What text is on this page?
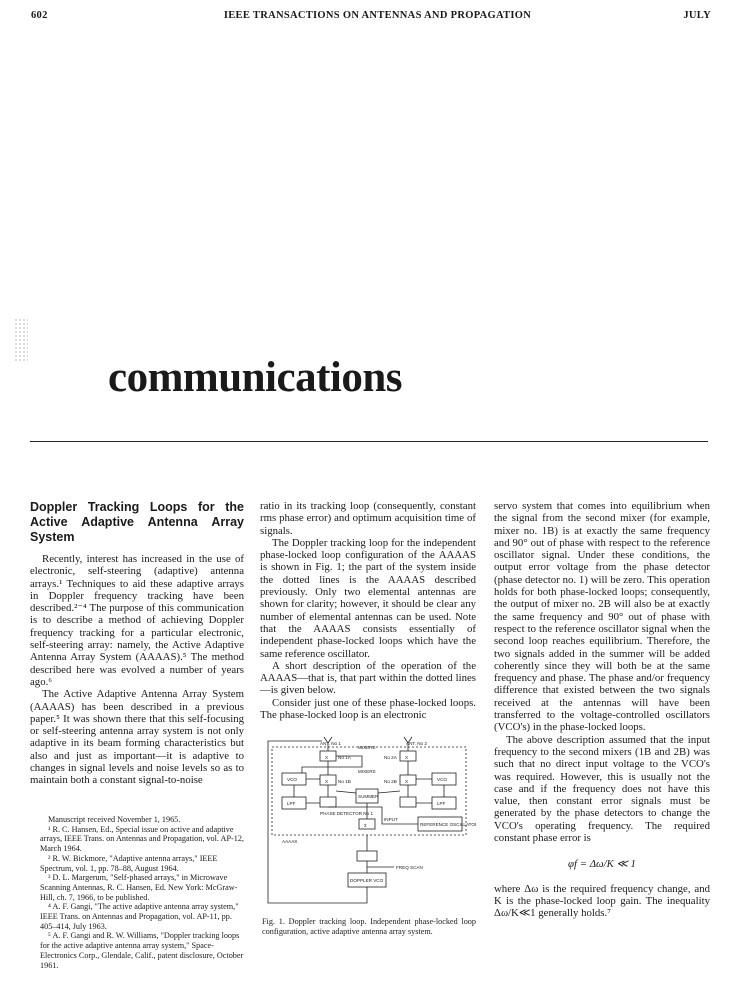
602	IEEE TRANSACTIONS ON ANTENNAS AND PROPAGATION	JULY
communications
Doppler Tracking Loops for the Active Adaptive Antenna Array System

Recently, interest has increased in the use of electronic, self-steering (adaptive) antenna arrays.¹ Techniques to aid these adaptive arrays in Doppler frequency tracking have been described.²⁻⁴ The purpose of this communication is to describe a method of achieving Doppler frequency tracking for a particular electronic, self-steering array: namely, the Active Adaptive Antenna Array System (AAAAS).⁵ The method described here was evolved a number of years ago.⁶

The Active Adaptive Antenna Array System (AAAAS) has been described in a previous paper.⁵ It was shown there that this self-focusing or self-steering antenna array system is not only adaptive in its beam forming characteristics but also and just as important—it is adaptive to changes in signal levels and noise levels so as to maintain both a constant signal-to-noise

Manuscript received November 1, 1965.

¹ R. C. Hansen, Ed., Special issue on active and adaptive arrays, IEEE Trans. on Antennas and Propagation, vol. AP-12, March 1964.

² R. W. Bickmore, "Adaptive antenna arrays," IEEE Spectrum, vol. 1, pp. 78–88, August 1964.

³ D. L. Margerum, "Self-phased arrays," in Microwave Scanning Antennas, R. C. Hansen, Ed. New York: McGraw-Hill, ch. 7, 1966, to be published.

⁴ A. F. Gangi, "The active adaptive antenna array system," IEEE Trans. on Antennas and Propagation, vol. AP-11, pp. 405–414, July 1963.

⁵ A. F. Gangi and R. W. Williams, "Doppler tracking loops for the active adaptive antenna array system," Space-Electronics Corp., Glendale, Calif., patent disclosure, October 1961.

ratio in its tracking loop (consequently, constant rms phase error) and optimum acquisition time of signals.

The Doppler tracking loop for the independent phase-locked loop configuration of the AAAAS is shown in Fig. 1; the part of the system inside the dotted lines is the AAAAS described previously. Only two elemental antennas are shown for clarity; however, it should be clear any number of elemental antennas can be used. Note that the AAAAS consists essentially of independent phase-locked loops which have the same reference oscillator.

A short description of the operation of the AAAAS—that is, that part within the dotted lines—is given below.

Consider just one of these phase-locked loops. The phase-locked loop is an electronic

ANT. No 1	ANT. No 2
MIXERS
No 1A	No 2A
MIXERS
No 1B	No 2B
VCO	VCO
LPF	LPF
X	X
X	X
PHASE DETECTOR No 1
SUMMER
REFERENCE OSCILLATOR
INPUT
AAAAS
Σ
FREQ SCAN
DOPPLER VCO
Fig. 1. Doppler tracking loop. Independent phase-locked loop configuration, active adaptive antenna array system.

servo system that comes into equilibrium when the signal from the second mixer (for example, mixer no. 1B) is at exactly the same frequency and 90° out of phase with respect to the reference oscillator signal. Under these conditions, the output error voltage from the phase detector (phase detector no. 1) will be zero. This operation holds for both phase-locked loops; consequently, the output of mixer no. 2B will also be at exactly the same frequency and 90° out of phase with respect to the reference oscillator signal when the second loop reaches equilibrium. Therefore, the two signals added in the summer will be added coherently since they will both be at the same frequency and phase. The phase and/or frequency difference that existed between the two signals received at the antennas will have been transferred to the voltage-controlled oscillators (VCO's) in the phase-locked loops.

The above description assumed that the input frequency to the second mixers (1B and 2B) was such that no direct input voltage to the VCO's was required. However, this is usually not the case and if the frequency does not have this value, then constant error signals must be generated by the phase detectors to change the VCO's operating frequency. The required constant phase error is

φf = Δω/K ≪ 1

where Δω is the required frequency change, and K is the phase-locked loop gain. The inequality Δω/K≪1 generally holds.⁷
